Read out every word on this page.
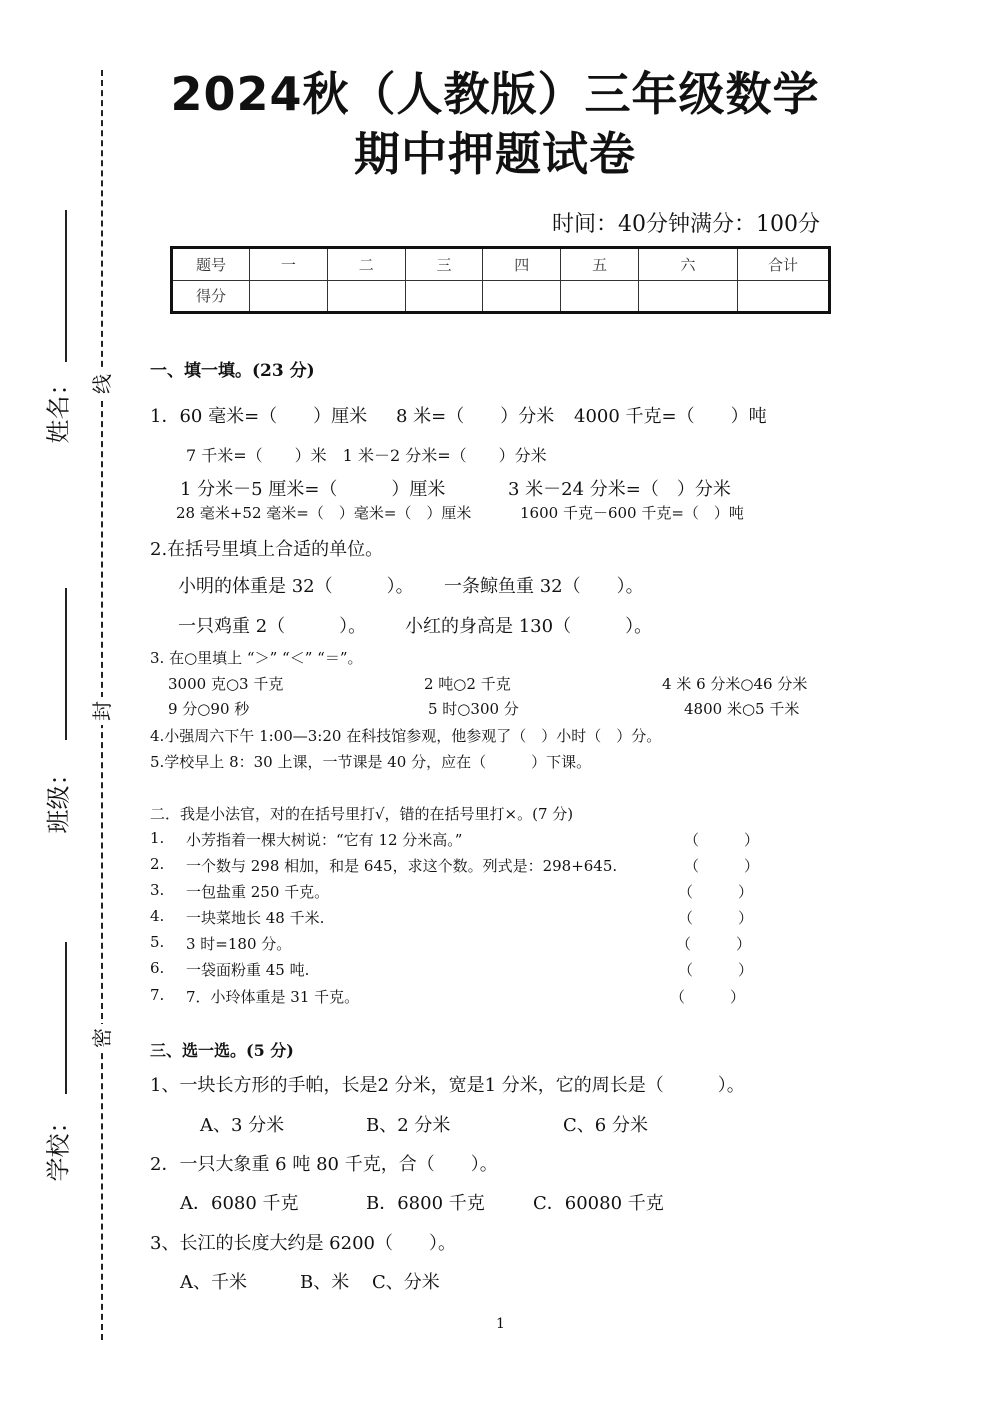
线
封
密
姓名：
班级：
学校：
2024秋（人教版）三年级数学
期中押题试卷
时间：40分钟满分：100分
题号	一	二	三	四	五	六	合计
得分							
一、填一填。(23 分)
1．60 毫米=（　　）厘米 8 米=（　　）分米 4000 千克=（　　）吨
7 千米=（　　）米　1 米－2 分米=（　　）分米
1 分米－5 厘米=（　　　）厘米	3 米－24 分米=（　）分米
28 毫米+52 毫米=（　）毫米=（　）厘米	1600 千克－600 千克=（　）吨
2.在括号里填上合适的单位。
小明的体重是 32（　　　）。 一条鲸鱼重 32（　　）。
一只鸡重 2（　　　）。 小红的身高是 130（　　　）。
3. 在○里填上 “＞” “＜” “＝”。
3000 克○3 千克	2 吨○2 千克	4 米 6 分米○46 分米
9 分○90 秒	5 时○300 分	4800 米○5 千米
4.小强周六下午 1:00—3:20 在科技馆参观，他参观了（　）小时（　）分。
5.学校早上 8：30 上课，一节课是 40 分，应在（　　　）下课。
二．我是小法官，对的在括号里打√，错的在括号里打×。(7 分)
1. 小芳指着一棵大树说：“它有 12 分米高。”	（　　　）
2. 一个数与 298 相加，和是 645，求这个数。列式是：298+645.	（　　　）
3. 一包盐重 250 千克。	（　　　）
4. 一块菜地长 48 千米.	（　　　）
5. 3 时=180 分。	（　　　）
6. 一袋面粉重 45 吨.	（　　　）
7. 7．小玲体重是 31 千克。	（　　　）
三、选一选。(5 分)
1、一块长方形的手帕，长是2 分米，宽是1 分米，它的周长是（　　　）。
A、3 分米	B、2 分米	C、6 分米
2．一只大象重 6 吨 80 千克，合（　　）。
A．6080 千克	B．6800 千克	C．60080 千克
3、长江的长度大约是 6200（　　）。
A、千米	B、米 C、分米
1
